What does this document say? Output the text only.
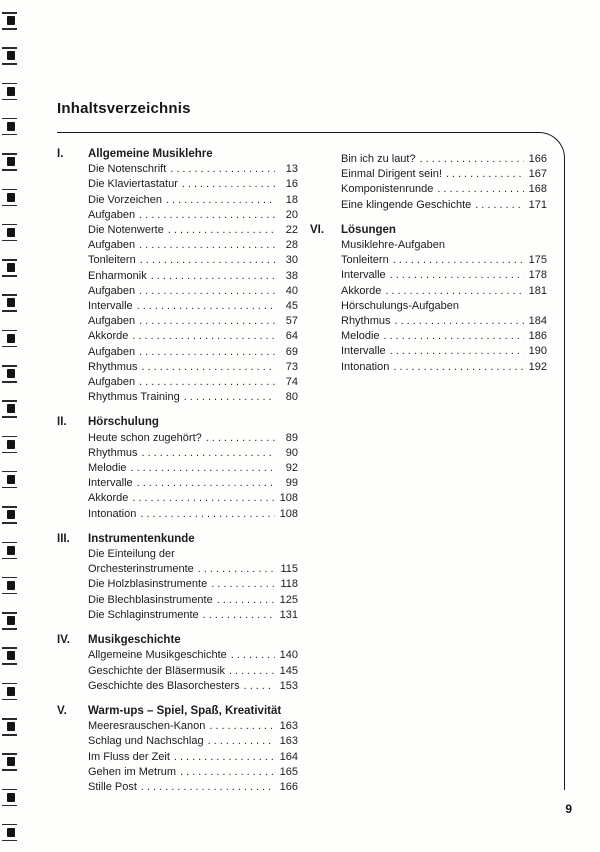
Inhaltsverzeichnis
I.	Allgemeine Musiklehre
Die Notenschrift .....	13
Die Klaviertastatur .....	16
Die Vorzeichen .....	18
Aufgaben .....	20
Die Notenwerte .....	22
Aufgaben .....	28
Tonleitern .....	30
Enharmonik .....	38
Aufgaben .....	40
Intervalle .....	45
Aufgaben .....	57
Akkorde .....	64
Aufgaben .....	69
Rhythmus .....	73
Aufgaben .....	74
Rhythmus Training .....	80
II.	Hörschulung
Heute schon zugehört? .....	89
Rhythmus .....	90
Melodie .....	92
Intervalle .....	99
Akkorde .....	108
Intonation .....	108
III.	Instrumentenkunde
Die Einteilung der
Orchesterinstrumente .....	115
Die Holzblasinstrumente .....	118
Die Blechblasinstrumente .....	125
Die Schlaginstrumente .....	131
IV.	Musikgeschichte
Allgemeine Musikgeschichte .....	140
Geschichte der Bläsermusik .....	145
Geschichte des Blasorchesters .....	153
V.	Warm-ups – Spiel, Spaß, Kreativität
Meeresrauschen-Kanon .....	163
Schlag und Nachschlag .....	163
Im Fluss der Zeit .....	164
Gehen im Metrum .....	165
Stille Post .....	166
Bin ich zu laut? .....	166
Einmal Dirigent sein! .....	167
Komponistenrunde .....	168
Eine klingende Geschichte .....	171
VI.	Lösungen
Musiklehre-Aufgaben
Tonleitern .....	175
Intervalle .....	178
Akkorde .....	181
Hörschulungs-Aufgaben
Rhythmus .....	184
Melodie .....	186
Intervalle .....	190
Intonation .....	192
9
